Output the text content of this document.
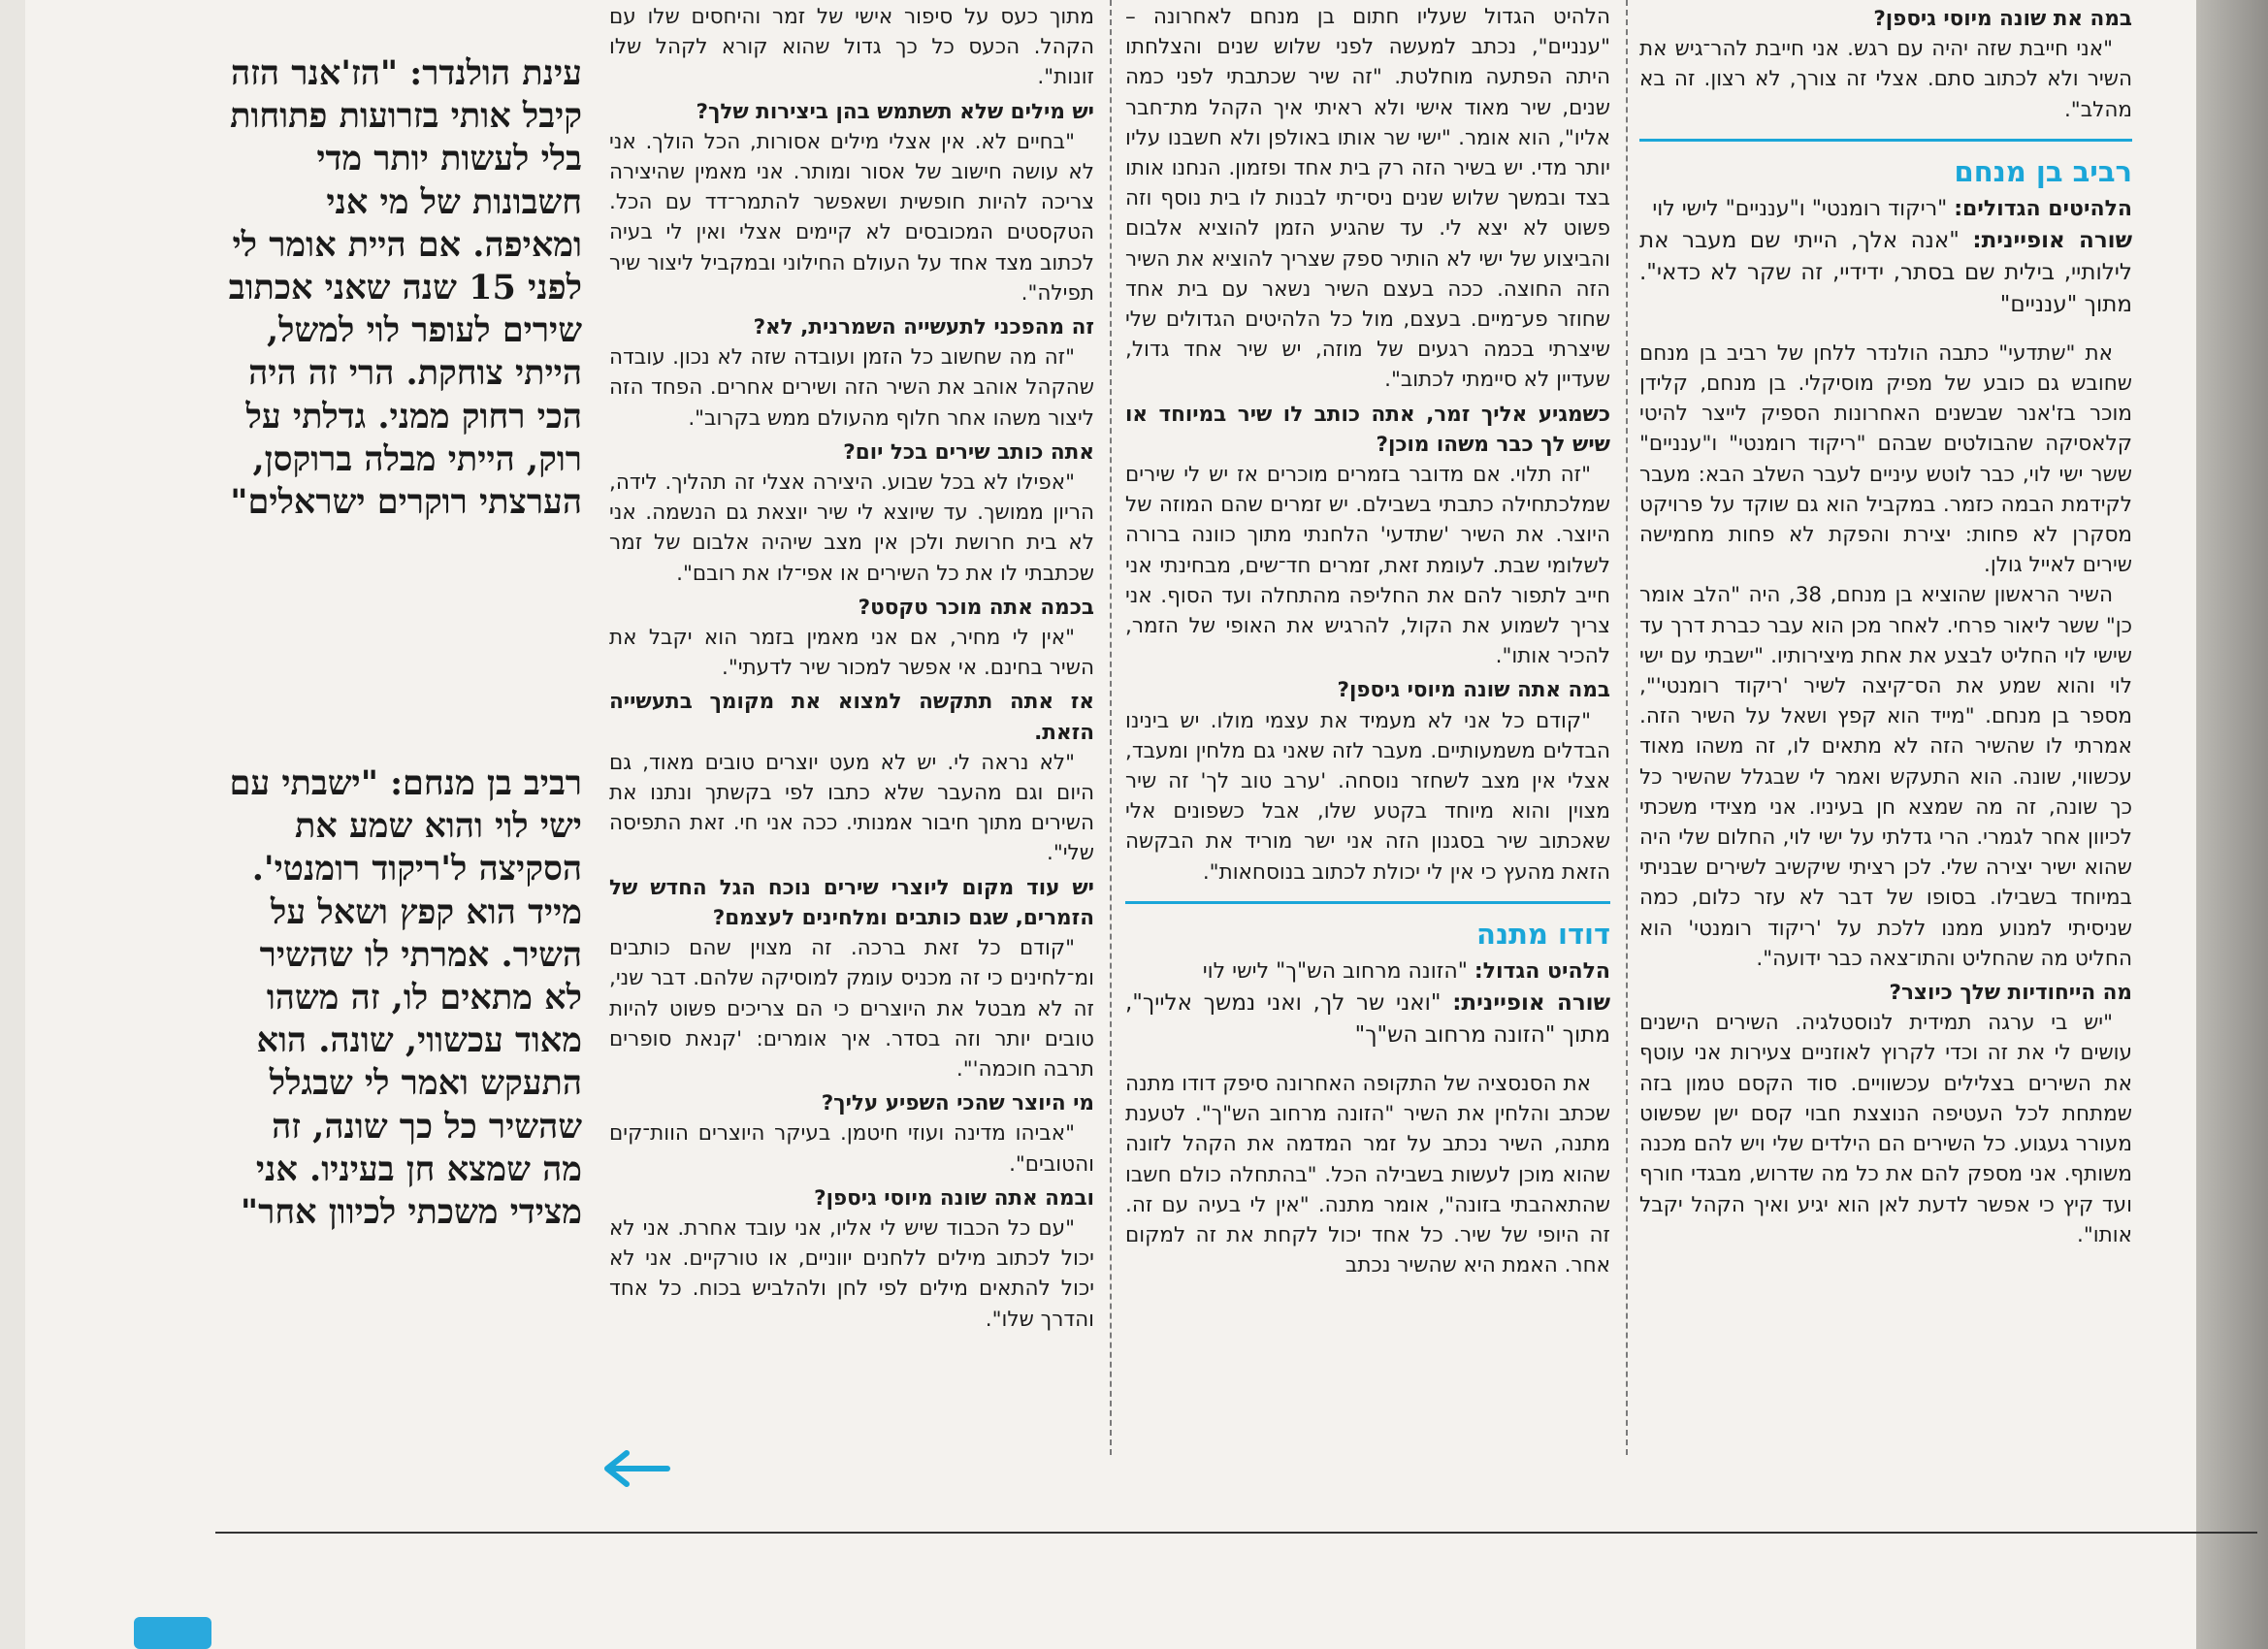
במה את שונה מיוסי גיספן?

"אני חייבת שזה יהיה עם רגש. אני חייבת להר־גיש את השיר ולא לכתוב סתם. אצלי זה צורך, לא רצון. זה בא מהלב".

רביב בן מנחם

הלהיטים הגדולים: "ריקוד רומנטי" ו"ענניים" לישי לוי

שורה אופיינית: "אנה אלך, הייתי שם מעבר את לילותיי, בילית שם בסתר, ידידיי, זה שקר לא כדאי". מתוך "ענניים"

את "שתדעי" כתבה הולנדר ללחן של רביב בן מנחם שחובש גם כובע של מפיק מוסיקלי. בן מנחם, קלידן מוכר בז'אנר שבשנים האחרונות הספיק לייצר להיטי קלאסיקה שהבולטים שבהם "ריקוד רומנטי" ו"ענניים" ששר ישי לוי, כבר לוטש עיניים לעבר השלב הבא: מעבר לקידמת הבמה כזמר. במקביל הוא גם שוקד על פרויקט מסקרן לא פחות: יצירת והפקת לא פחות מחמישה שירים לאייל גולן.

השיר הראשון שהוציא בן מנחם, 38, היה "הלב אומר כן" ששר ליאור פרחי. לאחר מכן הוא עבר כברת דרך עד שישי לוי החליט לבצע את אחת מיצירותיו. "ישבתי עם ישי לוי והוא שמע את הס־קיצה לשיר 'ריקוד רומנטי'", מספר בן מנחם. "מייד הוא קפץ ושאל על השיר הזה. אמרתי לו שהשיר הזה לא מתאים לו, זה משהו מאוד עכשווי, שונה. הוא התעקש ואמר לי שבגלל שהשיר כל כך שונה, זה מה שמצא חן בעיניו. אני מצידי משכתי לכיוון אחר לגמרי. הרי גדלתי על ישי לוי, החלום שלי היה שהוא ישיר יצירה שלי. לכן רציתי שיקשיב לשירים שבניתי במיוחד בשבילו. בסופו של דבר לא עזר כלום, כמה שניסיתי למנוע ממנו ללכת על 'ריקוד רומנטי' הוא החליט מה שהחליט והתו־צאה כבר ידועה".

מה הייחודיות שלך כיוצר?

"יש בי ערגה תמידית לנוסטלגיה. השירים הישנים עושים לי את זה וכדי לקרוץ לאוזניים צעירות אני עוטף את השירים בצלילים עכשוויים. סוד הקסם טמון בזה שמתחת לכל העטיפה הנוצצת חבוי קסם ישן שפשוט מעורר געגוע. כל השירים הם הילדים שלי ויש להם מכנה משותף. אני מספק להם את כל מה שדרוש, מבגדי חורף ועד קיץ כי אפשר לדעת לאן הוא יגיע ואיך הקהל יקבל אותו".

הלהיט הגדול שעליו חתום בן מנחם לאחרונה – "ענניים", נכתב למעשה לפני שלוש שנים והצלחתו היתה הפתעה מוחלטת. "זה שיר שכתבתי לפני כמה שנים, שיר מאוד אישי ולא ראיתי איך הקהל מת־חבר אליו", הוא אומר. "ישי שר אותו באולפן ולא חשבנו עליו יותר מדי. יש בשיר הזה רק בית אחד ופזמון. הנחנו אותו בצד ובמשך שלוש שנים ניסי־תי לבנות לו בית נוסף וזה פשוט לא יצא לי. עד שהגיע הזמן להוציא אלבום והביצוע של ישי לא הותיר ספק שצריך להוציא את השיר הזה החוצה. ככה בעצם השיר נשאר עם בית אחד שחוזר פע־מיים. בעצם, מול כל הלהיטים הגדולים שלי שיצרתי בכמה רגעים של מוזה, יש שיר אחד גדול, שעדיין לא סיימתי לכתוב".

כשמגיע אליך זמר, אתה כותב לו שיר במיוחד או שיש לך כבר משהו מוכן?

"זה תלוי. אם מדובר בזמרים מוכרים אז יש לי שירים שמלכתחילה כתבתי בשבילם. יש זמרים שהם המוזה של היוצר. את השיר 'שתדעי' הלחנתי מתוך כוונה ברורה לשלומי שבת. לעומת זאת, זמרים חד־שים, מבחינתי אני חייב לתפור להם את החליפה מהתחלה ועד הסוף. אני צריך לשמוע את הקול, להרגיש את האופי של הזמר, להכיר אותו".

במה אתה שונה מיוסי גיספן?

"קודם כל אני לא מעמיד את עצמי מולו. יש בינינו הבדלים משמעותיים. מעבר לזה שאני גם מלחין ומעבד, אצלי אין מצב לשחזר נוסחה. 'ערב טוב לך' זה שיר מצוין והוא מיוחד בקטע שלו, אבל כשפונים אלי שאכתוב שיר בסגנון הזה אני ישר מוריד את הבקשה הזאת מהעץ כי אין לי יכולת לכתוב בנוסחאות".

דודו מתנה

הלהיט הגדול: "הזונה מרחוב הש"ך" לישי לוי

שורה אופיינית: "ואני שר לך, ואני נמשך אלייך", מתוך "הזונה מרחוב הש"ך"

את הסנסציה של התקופה האחרונה סיפק דודו מתנה שכתב והלחין את השיר "הזונה מרחוב הש"ך". לטענת מתנה, השיר נכתב על זמר המדמה את הקהל לזונה שהוא מוכן לעשות בשבילה הכל. "בהתחלה כולם חשבו שהתאהבתי בזונה", אומר מתנה. "אין לי בעיה עם זה. זה היופי של שיר. כל אחד יכול לקחת את זה למקום אחר. האמת היא שהשיר נכתב

מתוך כעס על סיפור אישי של זמר והיחסים שלו עם הקהל. הכעס כל כך גדול שהוא קורא לקהל שלו זונות".

יש מילים שלא תשתמש בהן ביצירות שלך?

"בחיים לא. אין אצלי מילים אסורות, הכל הולך. אני לא עושה חישוב של אסור ומותר. אני מאמין שהיצירה צריכה להיות חופשית ושאפשר להתמר־דד עם הכל. הטקסטים המכובסים לא קיימים אצלי ואין לי בעיה לכתוב מצד אחד על העולם החילוני ובמקביל ליצור שיר תפילה".

זה מהפכני לתעשייה השמרנית, לא?

"זה מה שחשוב כל הזמן ועובדה שזה לא נכון. עובדה שהקהל אוהב את השיר הזה ושירים אחרים. הפחד הזה ליצור משהו אחר חלוף מהעולם ממש בקרוב".

אתה כותב שירים בכל יום?

"אפילו לא בכל שבוע. היצירה אצלי זה תהליך. לידה, הריון ממושך. עד שיוצא לי שיר יוצאת גם הנשמה. אני לא בית חרושת ולכן אין מצב שיהיה אלבום של זמר שכתבתי לו את כל השירים או אפי־לו את רובם".

בכמה אתה מוכר טקסט?

"אין לי מחיר, אם אני מאמין בזמר הוא יקבל את השיר בחינם. אי אפשר למכור שיר לדעתי".

אז אתה תתקשה למצוא את מקומך בתעשייה הזאת.

"לא נראה לי. יש לא מעט יוצרים טובים מאוד, גם היום וגם מהעבר שלא כתבו לפי בקשתך ונתנו את השירים מתוך חיבור אמנותי. ככה אני חי. זאת התפיסה שלי".

יש עוד מקום ליוצרי שירים נוכח הגל החדש של הזמרים, שגם כותבים ומלחינים לעצמם?

"קודם כל זאת ברכה. זה מצוין שהם כותבים ומ־לחינים כי זה מכניס עומק למוסיקה שלהם. דבר שני, זה לא מבטל את היוצרים כי הם צריכים פשוט להיות טובים יותר וזה בסדר. איך אומרים: 'קנאת סופרים תרבה חוכמה'".

מי היוצר שהכי השפיע עליך?

"אביהו מדינה ועוזי חיטמן. בעיקר היוצרים הוות־קים והטובים".

ובמה אתה שונה מיוסי גיספן?

"עם כל הכבוד שיש לי אליו, אני עובד אחרת. אני לא יכול לכתוב מילים ללחנים יווניים, או טורקיים. אני לא יכול להתאים מילים לפי לחן ולהלביש בכוח. כל אחד והדרך שלו".

עינת הולנדר: "הז'אנר הזה קיבל אותי בזרועות פתוחות בלי לעשות יותר מדי חשבונות של מי אני ומאיפה. אם היית אומר לי לפני 15 שנה שאני אכתוב שירים לעופר לוי למשל, הייתי צוחקת. הרי זה היה הכי רחוק ממני. גדלתי על רוק, הייתי מבלה ברוקסן, הערצתי רוקרים ישראלים"
רביב בן מנחם: "ישבתי עם ישי לוי והוא שמע את הסקיצה ל'ריקוד רומנטי'. מייד הוא קפץ ושאל על השיר. אמרתי לו שהשיר לא מתאים לו, זה משהו מאוד עכשווי, שונה. הוא התעקש ואמר לי שבגלל שהשיר כל כך שונה, זה מה שמצא חן בעיניו. אני מצידי משכתי לכיוון אחר"
